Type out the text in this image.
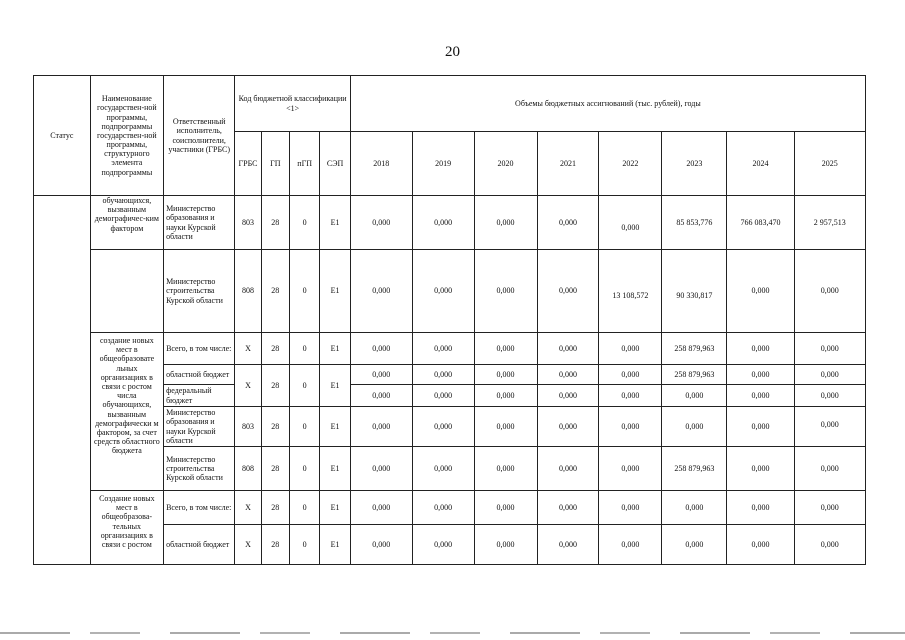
20
Статус	Наименование государствен-ной программы, подпрограммы государствен-ной программы, структурного элемента подпрограммы	Ответственный исполнитель, соисполнители, участники (ГРБС)	Код бюджетной классификации <1>				Объемы бюджетных ассигнований (тыс. рублей), годы							
			ГРБС	ГП	пГП	СЭП	2018	2019	2020	2021	2022	2023	2024	2025
	обучающихся, вызванным демографичес-ким фактором	Министерство образования и науки Курской области	803	28	0	Е1	0,000	0,000	0,000	0,000	0,000	85 853,776	766 083,470	2 957,513
		Министерство строительства Курской области	808	28	0	Е1	0,000	0,000	0,000	0,000	13 108,572	90 330,817	0,000	0,000
	создание новых мест в общеобразовате льных организациях в связи с ростом числа обучающихся, вызванным демографически м фактором, за счет средств областного бюджета	Всего, в том числе:	Х	28	0	Е1	0,000	0,000	0,000	0,000	0,000	258 879,963	0,000	0,000
		областной бюджет	Х	28	0	Е1	0,000	0,000	0,000	0,000	0,000	258 879,963	0,000	0,000
		федеральный бюджет					0,000	0,000	0,000	0,000	0,000	0,000	0,000	0,000
		Министерство образования и науки Курской области	803	28	0	Е1	0,000	0,000	0,000	0,000	0,000	0,000	0,000	0,000
		Министерство строительства Курской области	808	28	0	Е1	0,000	0,000	0,000	0,000	0,000	258 879,963	0,000	0,000
	Создание новых мест в общеобразова-тельных организациях в связи с ростом	Всего, в том числе:	Х	28	0	Е1	0,000	0,000	0,000	0,000	0,000	0,000	0,000	0,000
		областной бюджет	Х	28	0	Е1	0,000	0,000	0,000	0,000	0,000	0,000	0,000	0,000
